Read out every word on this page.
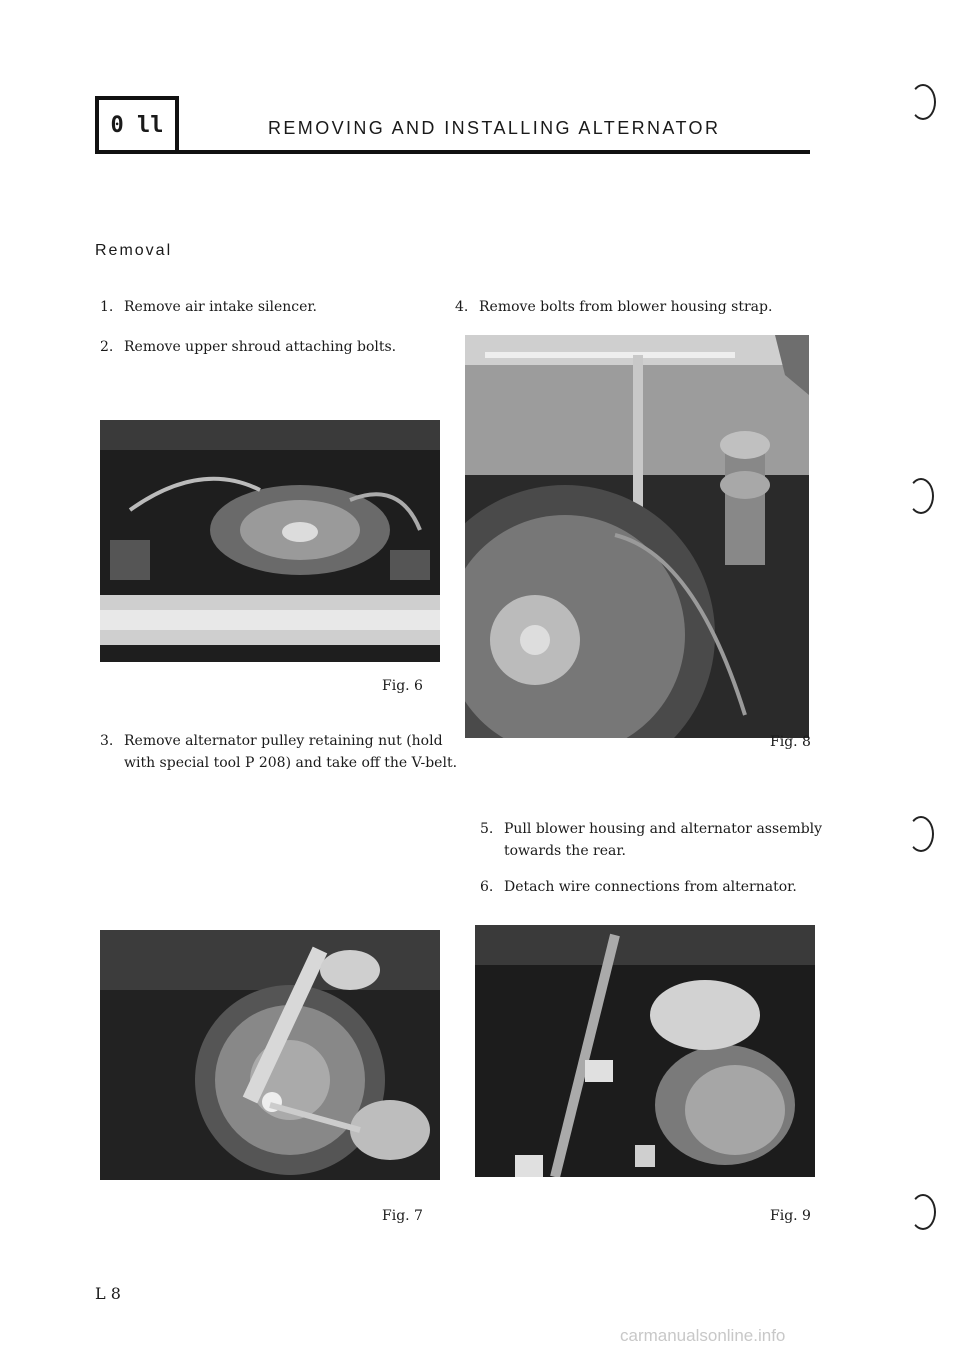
0 ll	REMOVING AND INSTALLING ALTERNATOR
Removal
1. Remove air intake silencer.
2. Remove upper shroud attaching bolts.
Fig. 6
3. Remove alternator pulley retaining nut (hold
with special tool P 208) and take off the V-belt.
Fig. 7
4. Remove bolts from blower housing strap.
Fig. 8
5. Pull blower housing and alternator assembly
towards the rear.
6. Detach wire connections from alternator.
Fig. 9
L 8
carmanualsonline.info
